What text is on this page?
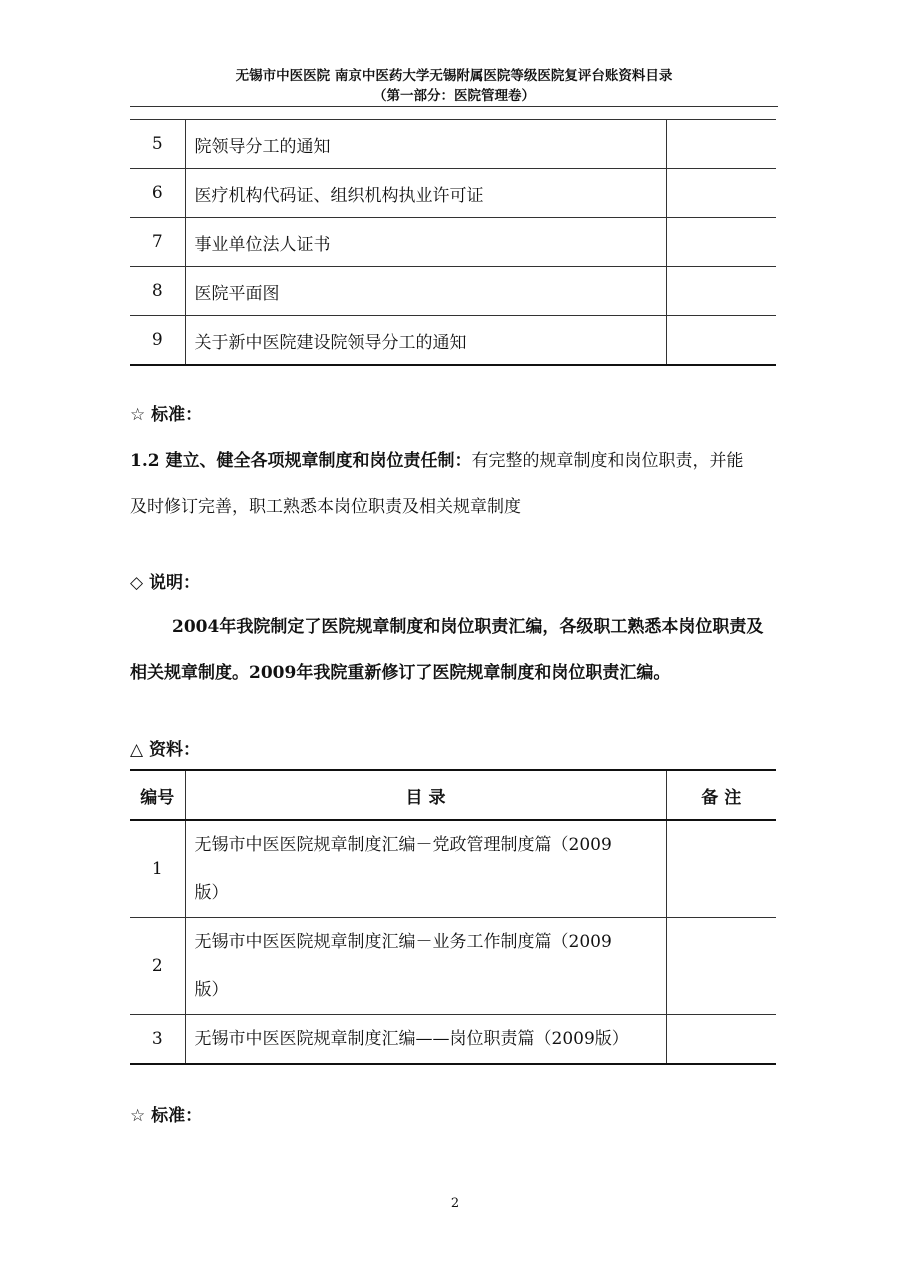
无锡市中医医院 南京中医药大学无锡附属医院等级医院复评台账资料目录
（第一部分：医院管理卷）
5	院领导分工的通知	
6	医疗机构代码证、组织机构执业许可证	
7	事业单位法人证书	
8	医院平面图	
9	关于新中医院建设院领导分工的通知	
☆ 标准：
1.2 建立、健全各项规章制度和岗位责任制：有完整的规章制度和岗位职责，并能
及时修订完善，职工熟悉本岗位职责及相关规章制度
◇ 说明：
2004年我院制定了医院规章制度和岗位职责汇编，各级职工熟悉本岗位职责及
相关规章制度。2009年我院重新修订了医院规章制度和岗位职责汇编。
△ 资料：
编号	目 录	备 注
1	无锡市中医医院规章制度汇编－党政管理制度篇（2009
版）	

2	无锡市中医医院规章制度汇编－业务工作制度篇（2009
版）	

3	无锡市中医医院规章制度汇编——岗位职责篇（2009版）	

☆ 标准：
2
